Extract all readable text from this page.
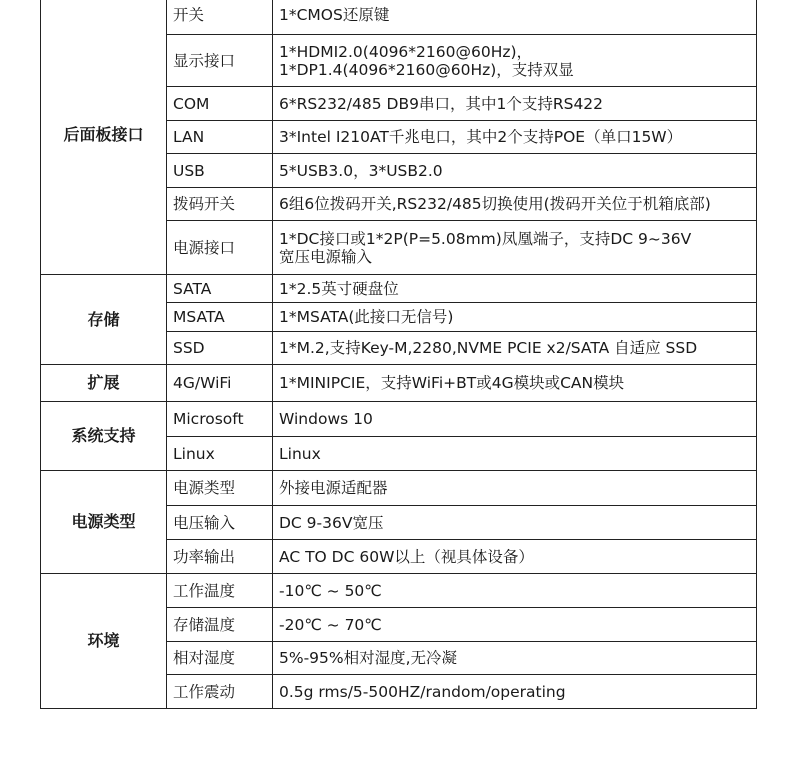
后面板接口	开关	1*CMOS还原键
	显示接口	1*HDMI2.0(4096*2160@60Hz)，
1*DP1.4(4096*2160@60Hz)，支持双显
	COM	6*RS232/485 DB9串口，其中1个支持RS422
	LAN	3*Intel I210AT千兆电口，其中2个支持POE（单口15W）
	USB	5*USB3.0，3*USB2.0
	拨码开关	6组6位拨码开关,RS232/485切换使用(拨码开关位于机箱底部)
	电源接口	1*DC接口或1*2P(P=5.08mm)凤凰端子，支持DC 9~36V
宽压电源输入
存储	SATA	1*2.5英寸硬盘位
	MSATA	1*MSATA(此接口无信号)
	SSD	1*M.2,支持Key-M,2280,NVME PCIE x2/SATA 自适应 SSD
扩展	4G/WiFi	1*MINIPCIE，支持WiFi+BT或4G模块或CAN模块
系统支持	Microsoft	Windows 10
	Linux	Linux
电源类型	电源类型	外接电源适配器
	电压输入	DC 9-36V宽压
	功率输出	AC TO DC 60W以上（视具体设备）
环境	工作温度	-10℃ ~ 50℃
	存储温度	-20℃ ~ 70℃
	相对湿度	5%-95%相对湿度,无冷凝
	工作震动	0.5g rms/5-500HZ/random/operating
